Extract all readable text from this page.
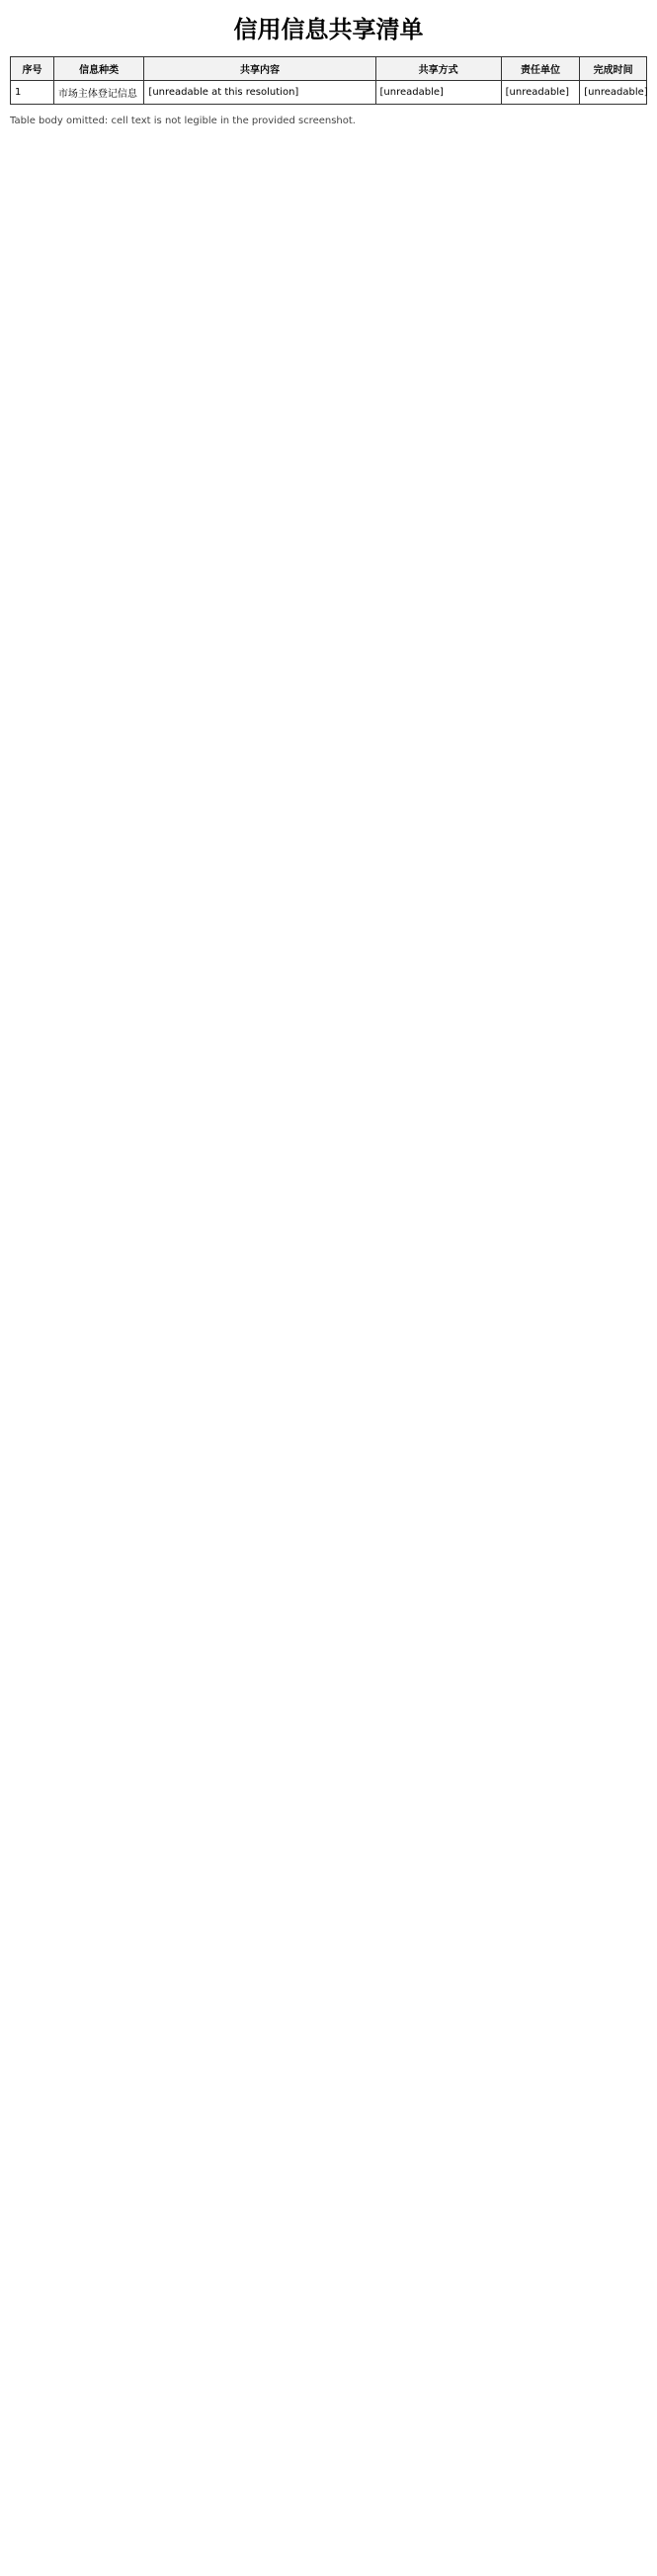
信用信息共享清单
序号	信息种类	共享内容	共享方式	责任单位	完成时间
1	市场主体登记信息	[unreadable at this resolution]	[unreadable]	[unreadable]	[unreadable]
Table body omitted: cell text is not legible in the provided screenshot.
